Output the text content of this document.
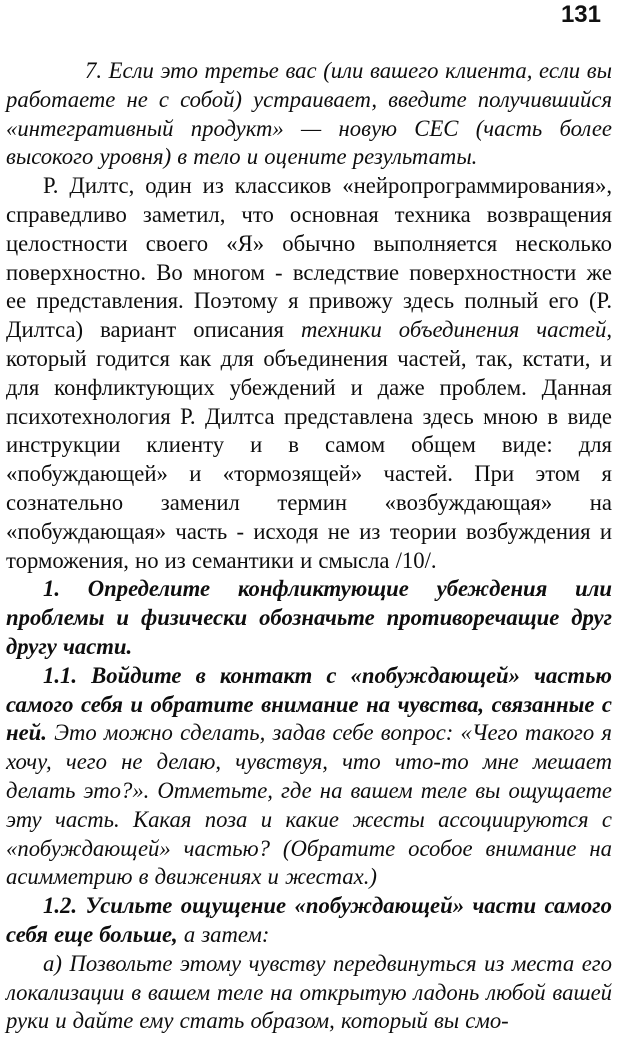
131

7. Если это третье вас (или вашего клиента, если вы работаете не с собой) устраивает, введите получившийся «интегративный продукт» — новую СЕС (часть более высокого уровня) в тело и оцените результаты.

Р. Дилтс, один из классиков «нейропрограммирования», справедливо заметил, что основная техника возвращения целостности своего «Я» обычно выполняется несколько поверхностно. Во многом - вследствие поверхностности же ее представления. Поэтому я привожу здесь полный его (Р. Дилтса) вариант описания техники объединения частей, который годится как для объединения частей, так, кстати, и для конфликтующих убеждений и даже проблем. Данная психотехнология Р. Дилтса представлена здесь мною в виде инструкции клиенту и в самом общем виде: для «побуждающей» и «тормозящей» частей. При этом я сознательно заменил термин «возбуждающая» на «побуждающая» часть - исходя не из теории возбуждения и торможения, но из семантики и смысла /10/.

1. Определите конфликтующие убеждения или проблемы и физически обозначьте противоречащие друг другу части.

1.1. Войдите в контакт с «побуждающей» частью самого себя и обратите внимание на чувства, связанные с ней. Это можно сделать, задав себе вопрос: «Чего такого я хочу, чего не делаю, чувствуя, что что-то мне мешает делать это?». Отметьте, где на вашем теле вы ощущаете эту часть. Какая поза и какие жесты ассоциируются с «побуждающей» частью? (Обратите особое внимание на асимметрию в движениях и жестах.)

1.2. Усильте ощущение «побуждающей» части самого себя еще больше, а затем:

а) Позвольте этому чувству передвинуться из места его локализации в вашем теле на открытую ладонь любой вашей руки и дайте ему стать образом, который вы смо-
